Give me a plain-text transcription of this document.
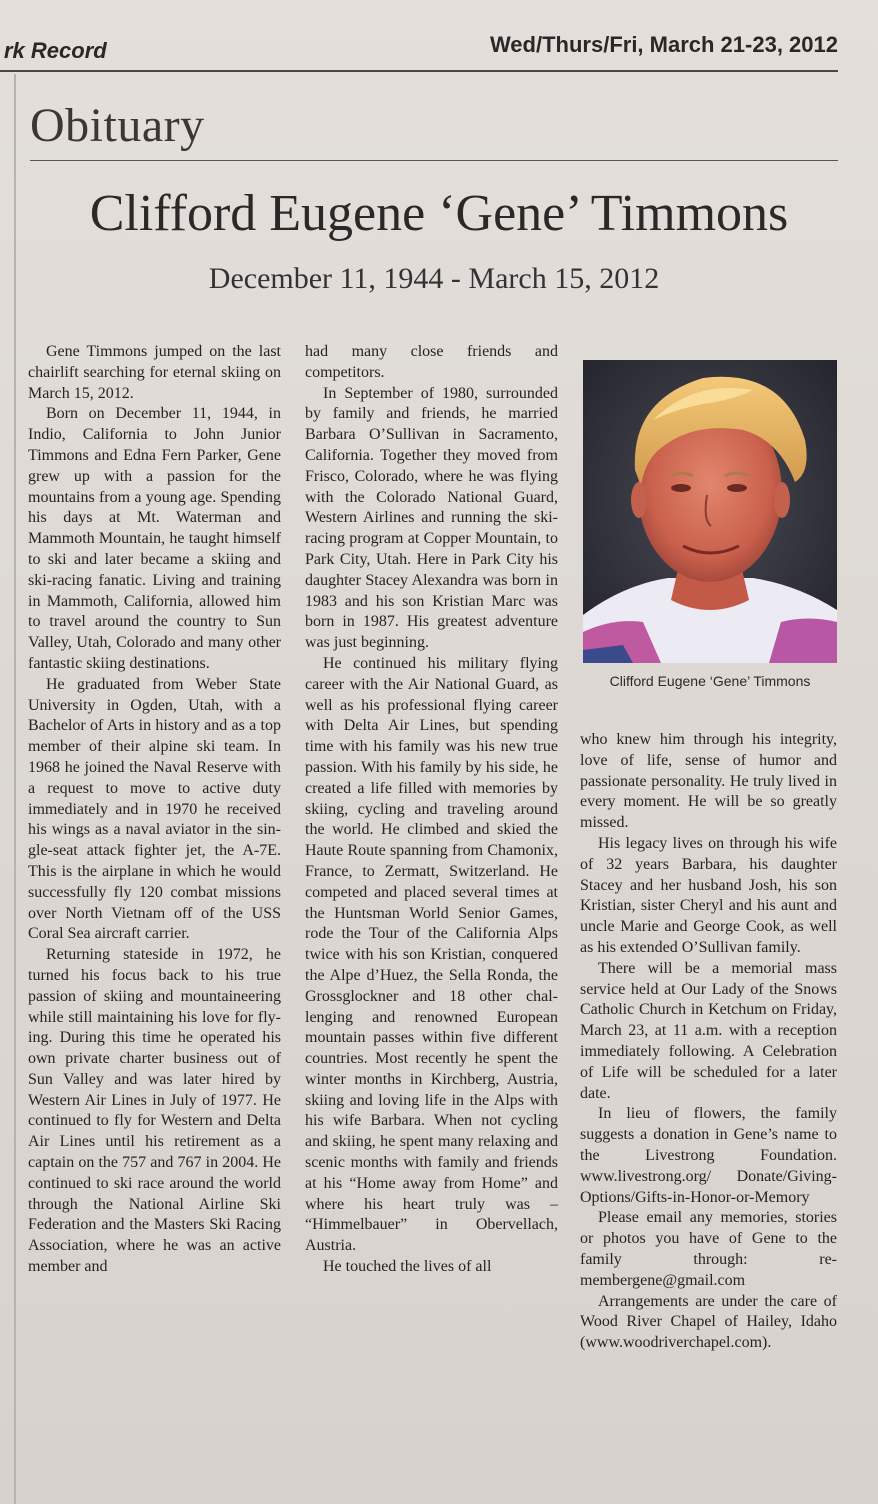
rk Record	Wed/Thurs/Fri, March 21-23, 2012
Obituary
Clifford Eugene ‘Gene’ Timmons
December 11, 1944 - March 15, 2012

Gene Timmons jumped on the last chairlift searching for eternal skiing on March 15, 2012.

Born on December 11, 1944, in Indio, California to John Junior Timmons and Edna Fern Parker, Gene grew up with a passion for the mountains from a young age. Spending his days at Mt. Waterman and Mammoth Mountain, he taught himself to ski and later became a skiing and ski-racing fanatic. Living and training in Mammoth, California, allowed him to travel around the country to Sun Valley, Utah, Colorado and many other fantastic skiing destinations.

He graduated from Weber State University in Ogden, Utah, with a Bachelor of Arts in history and as a top member of their alpine ski team. In 1968 he joined the Naval Reserve with a request to move to active duty immediately and in 1970 he received his wings as a naval aviator in the single-seat attack fighter jet, the A-7E. This is the airplane in which he would successfully fly 120 combat missions over North Vietnam off of the USS Coral Sea aircraft carrier.

Returning stateside in 1972, he turned his focus back to his true passion of skiing and mountaineering while still maintaining his love for flying. During this time he operated his own private charter business out of Sun Valley and was later hired by Western Air Lines in July of 1977. He continued to fly for Western and Delta Air Lines until his retirement as a captain on the 757 and 767 in 2004. He continued to ski race around the world through the National Airline Ski Federation and the Masters Ski Racing Association, where he was an active member and

had many close friends and competitors.

In September of 1980, surrounded by family and friends, he married Barbara O’Sullivan in Sacramento, California. Together they moved from Frisco, Colorado, where he was flying with the Colorado National Guard, Western Airlines and running the ski-racing program at Copper Mountain, to Park City, Utah. Here in Park City his daughter Stacey Alexandra was born in 1983 and his son Kristian Marc was born in 1987. His greatest adventure was just beginning.

He continued his military flying career with the Air National Guard, as well as his professional flying career with Delta Air Lines, but spending time with his family was his new true passion. With his family by his side, he created a life filled with memories by skiing, cycling and traveling around the world. He climbed and skied the Haute Route spanning from Chamonix, France, to Zermatt, Switzerland. He competed and placed several times at the Huntsman World Senior Games, rode the Tour of the California Alps twice with his son Kristian, conquered the Alpe d’Huez, the Sella Ronda, the Grossglockner and 18 other challenging and renowned European mountain passes within five different countries. Most recently he spent the winter months in Kirchberg, Austria, skiing and loving life in the Alps with his wife Barbara. When not cycling and skiing, he spent many relaxing and scenic months with family and friends at his “Home away from Home” and where his heart truly was – “Himmelbauer” in Obervellach, Austria.

He touched the lives of all

Clifford Eugene ‘Gene’ Timmons

who knew him through his integrity, love of life, sense of humor and passionate personality. He truly lived in every moment. He will be so greatly missed.

His legacy lives on through his wife of 32 years Barbara, his daughter Stacey and her husband Josh, his son Kristian, sister Cheryl and his aunt and uncle Marie and George Cook, as well as his extended O’Sullivan family.

There will be a memorial mass service held at Our Lady of the Snows Catholic Church in Ketchum on Friday, March 23, at 11 a.m. with a reception immediately following. A Celebration of Life will be scheduled for a later date.

In lieu of flowers, the family suggests a donation in Gene’s name to the Livestrong Foundation. www.livestrong.org/ Donate/Giving-Options/Gifts-in-Honor-or-Memory

Please email any memories, stories or photos you have of Gene to the family through: remembergene@gmail.com

Arrangements are under the care of Wood River Chapel of Hailey, Idaho (www.woodriverchapel.com).
